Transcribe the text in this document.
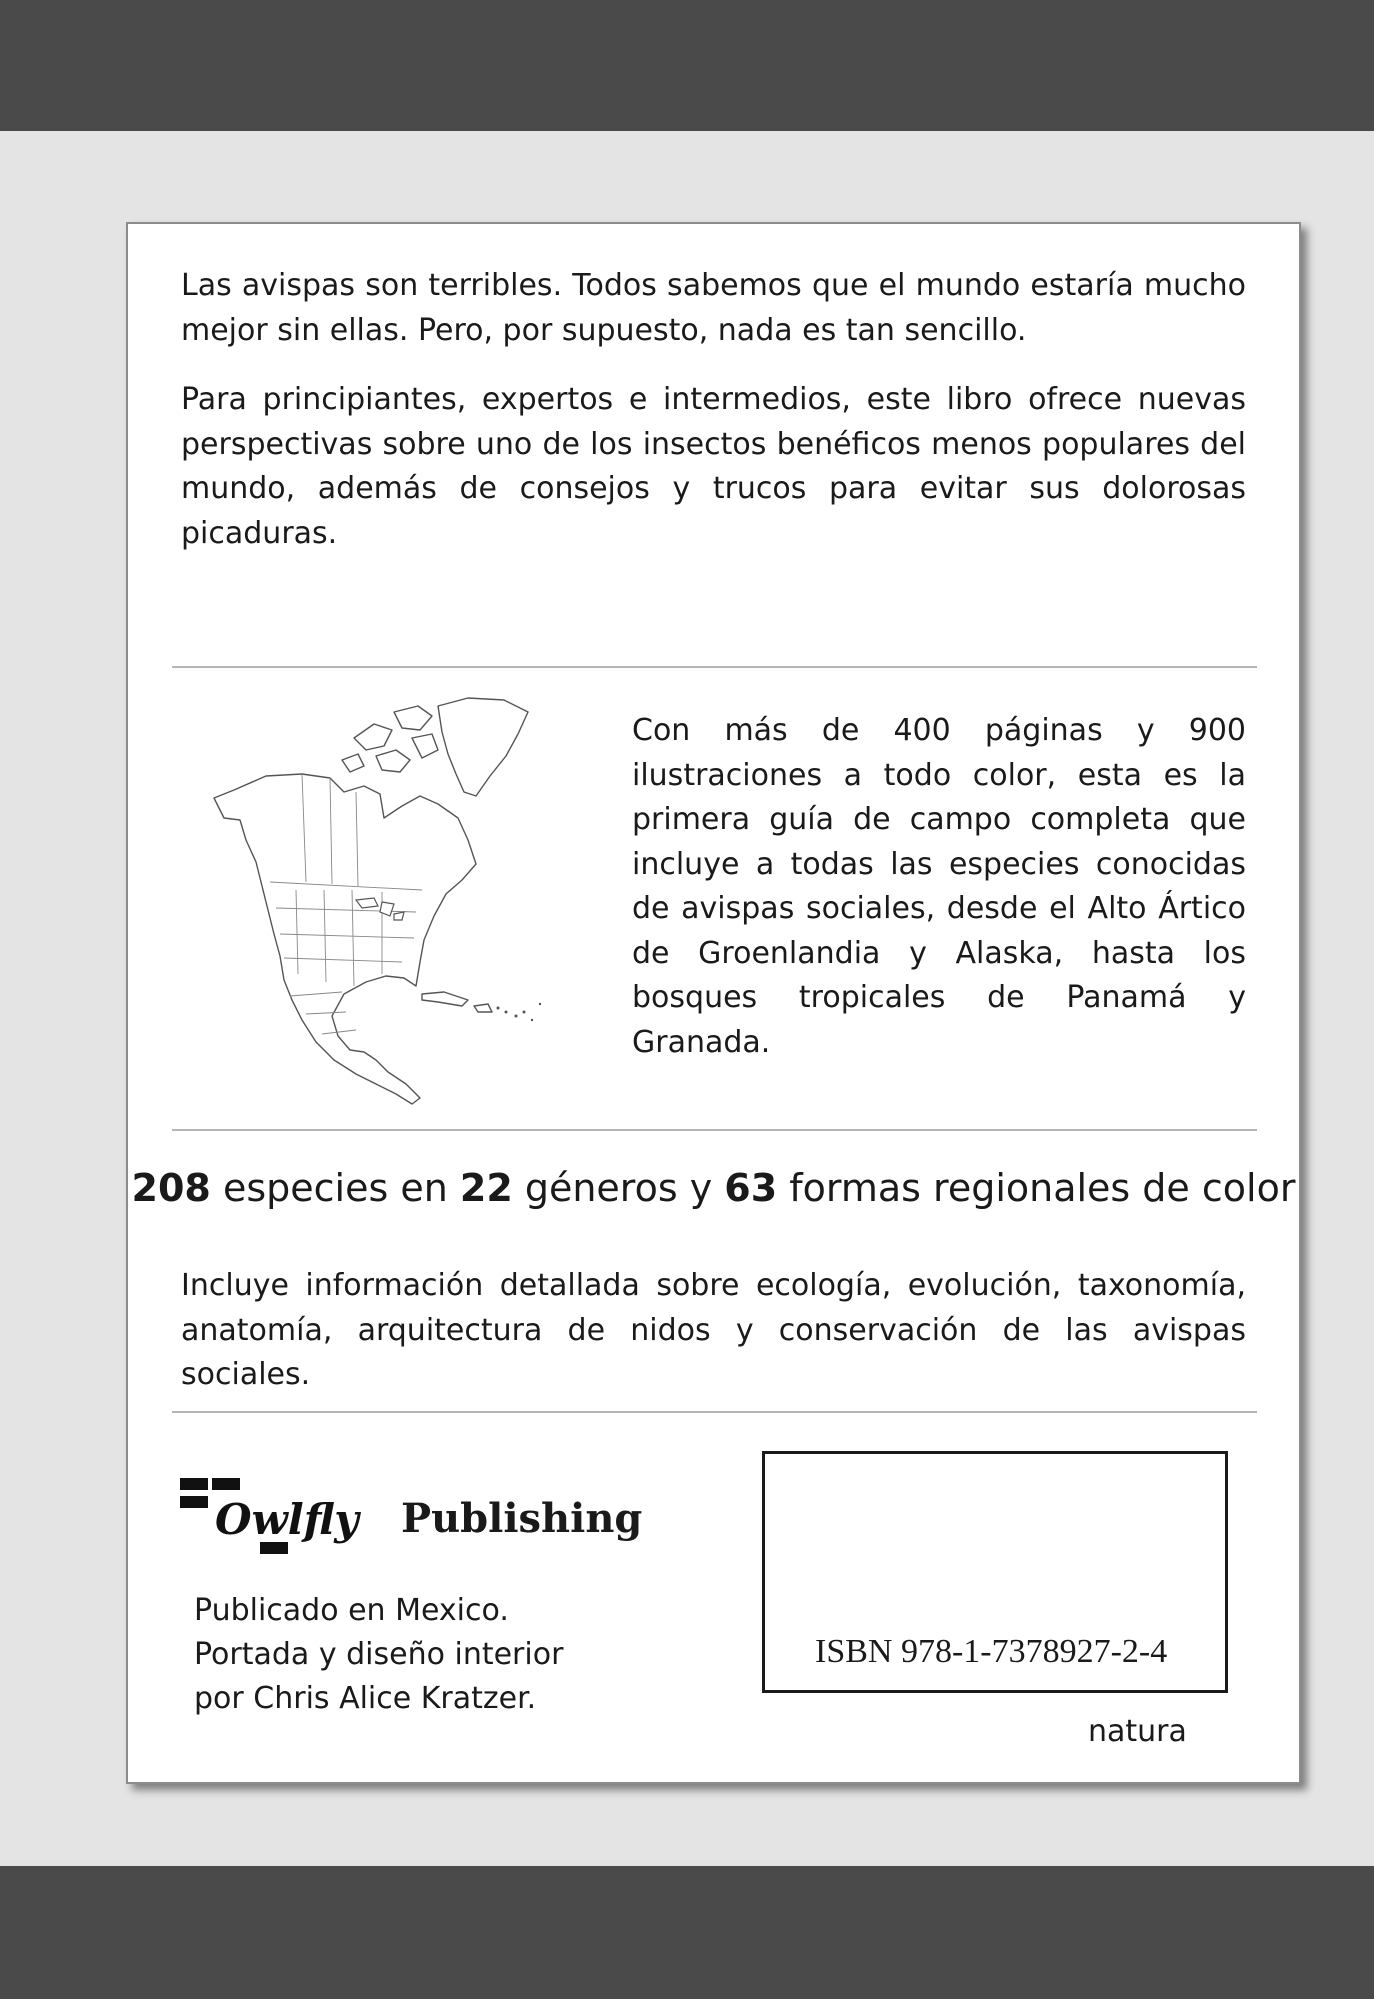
Las avispas son terribles. Todos sabemos que el mundo estaría mucho mejor sin ellas. Pero, por supuesto, nada es tan sencillo.

Para principiantes, expertos e intermedios, este libro ofrece nuevas perspectivas sobre uno de los insectos benéficos menos populares del mundo, además de consejos y trucos para evitar sus dolorosas picaduras.

Con más de 400 páginas y 900 ilustraciones a todo color, esta es la primera guía de campo completa que incluye a todas las especies conocidas de avispas sociales, desde el Alto Ártico de Groenlandia y Alaska, hasta los bosques tropicales de Panamá y Granada.

208 especies en 22 géneros y 63 formas regionales de color

Incluye información detallada sobre ecología, evolución, taxonomía, anatomía, arquitectura de nidos y conservación de las avispas sociales.

Owlfly Publishing
Publicado en Mexico.
Portada y diseño interior
por Chris Alice Kratzer.
ISBN 978-1-7378927-2-4
natura
